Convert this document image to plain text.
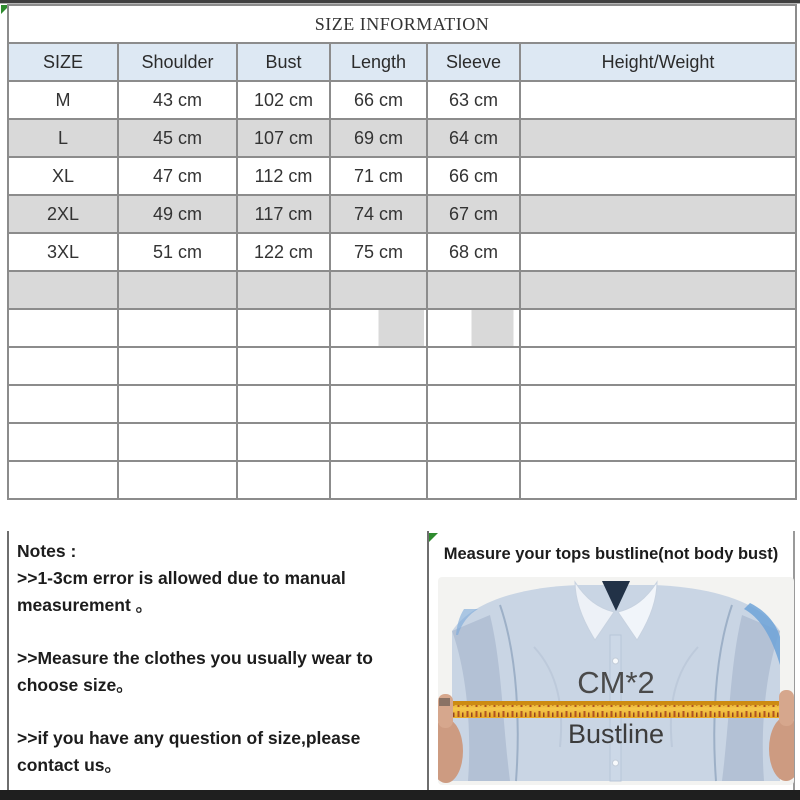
SIZE INFORMATION					
SIZE	Shoulder	Bust	Length	Sleeve	Height/Weight
M	43 cm	102 cm	66 cm	63 cm	
L	45 cm	107 cm	69 cm	64 cm	
XL	47 cm	112 cm	71 cm	66 cm	
2XL	49 cm	117 cm	74 cm	67 cm	
3XL	51 cm	122 cm	75 cm	68 cm	

Notes :
>>1-3cm error is allowed due to manual
measurement 。
>>Measure the clothes you usually wear to
choose size。
>>if you have any question of size,please
contact us。
Measure your tops bustline(not body bust)
CM*2
Bustline
